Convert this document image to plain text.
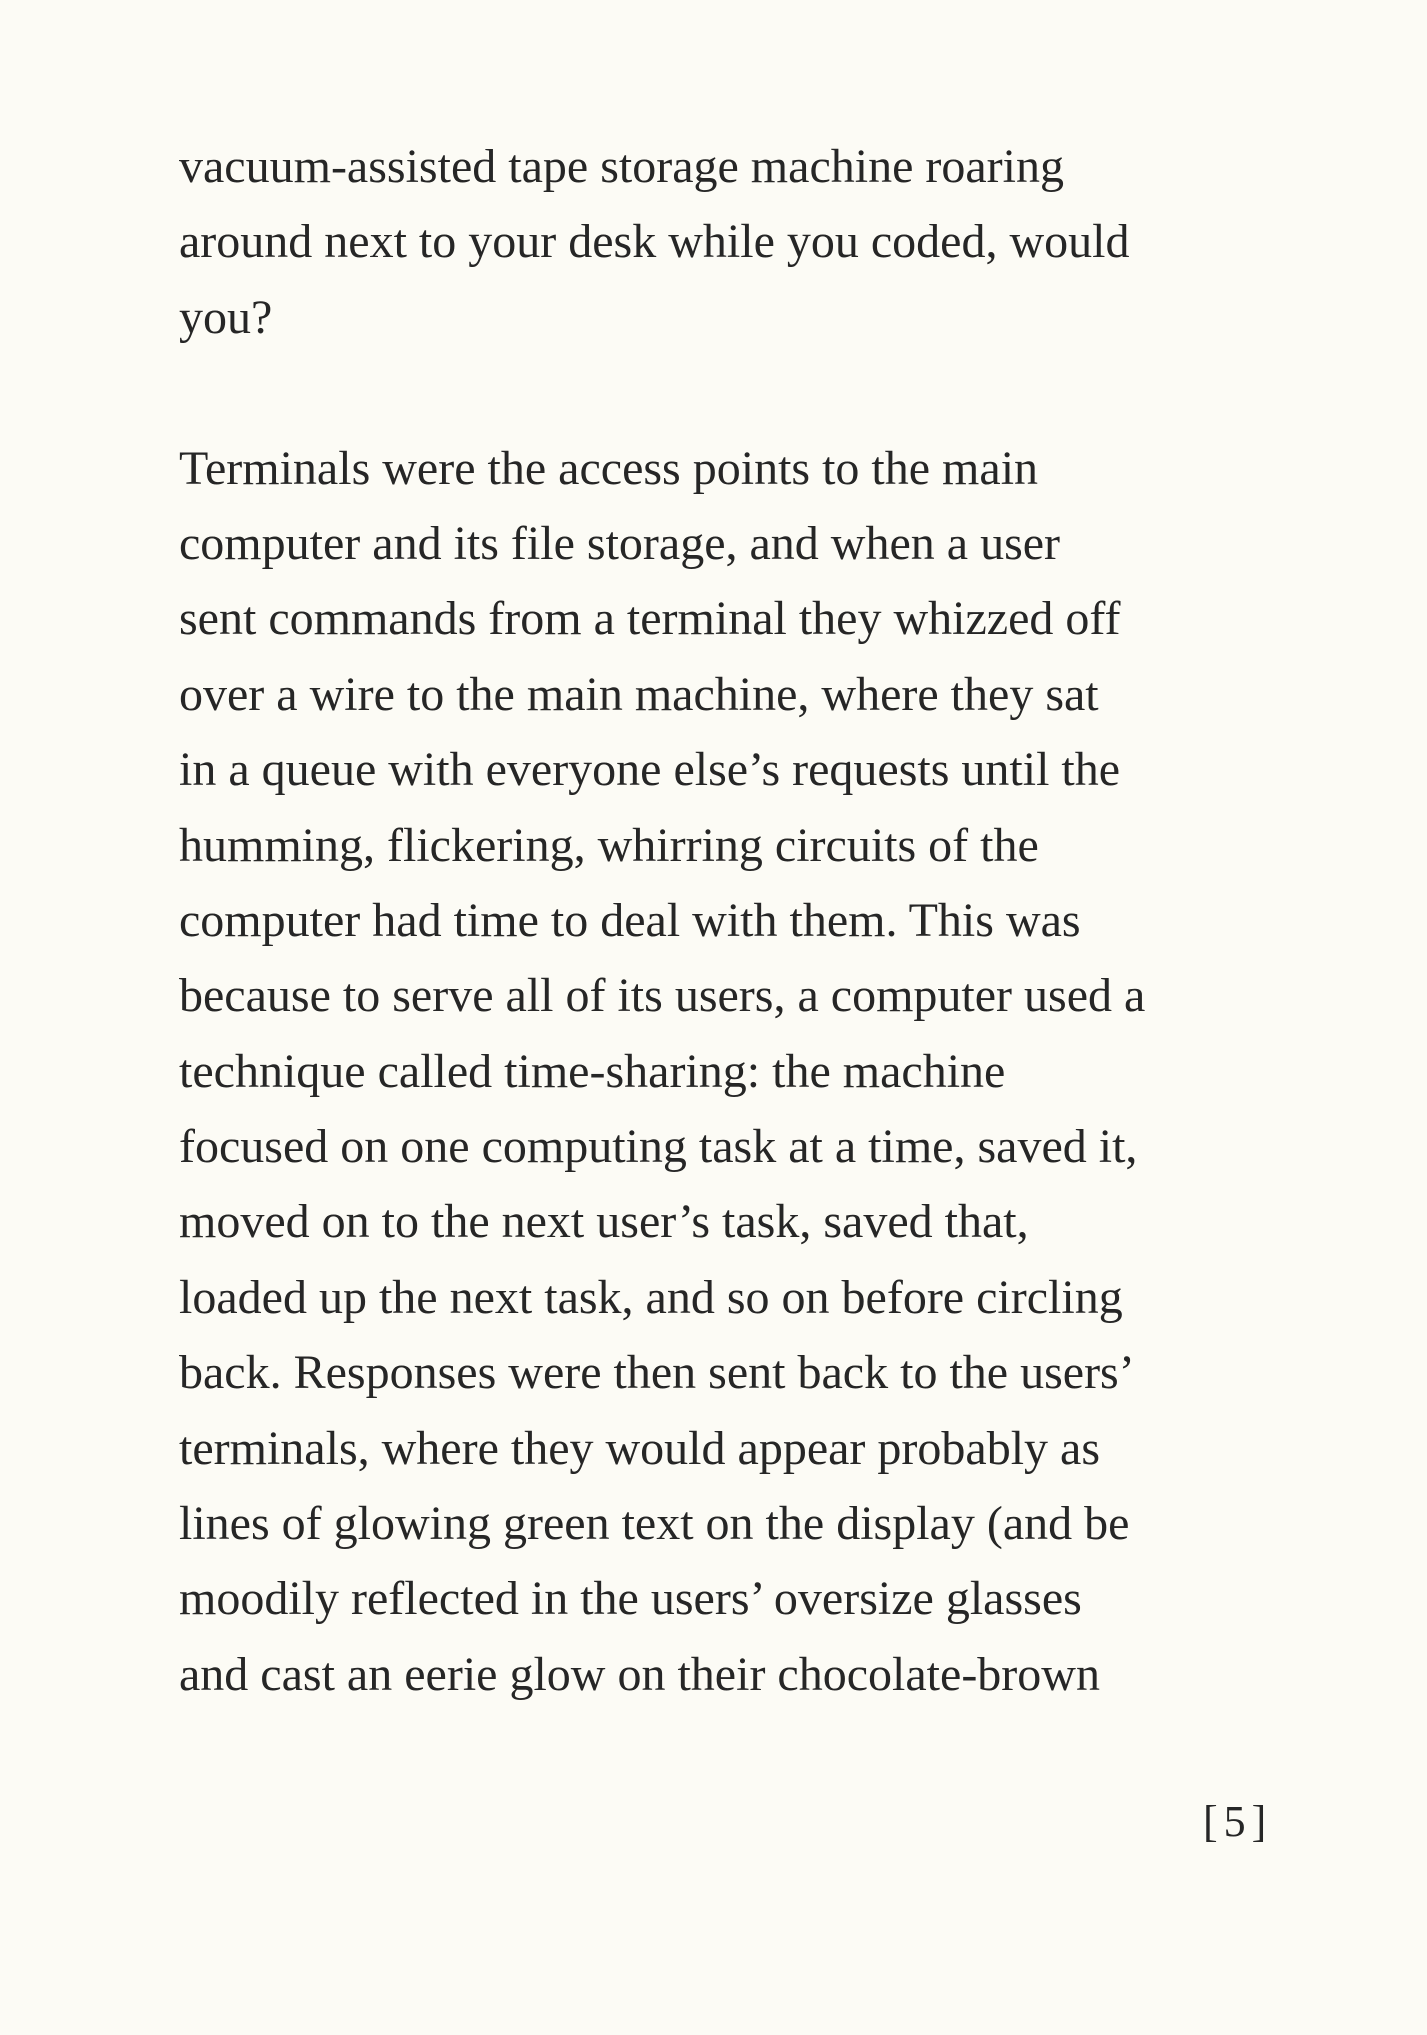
vacuum-assisted tape storage machine roaring
around next to your desk while you coded, would
you?
Terminals were the access points to the main
computer and its file storage, and when a user
sent commands from a terminal they whizzed off
over a wire to the main machine, where they sat
in a queue with everyone else’s requests until the
humming, flickering, whirring circuits of the
computer had time to deal with them. This was
because to serve all of its users, a computer used a
technique called time-sharing: the machine
focused on one computing task at a time, saved it,
moved on to the next user’s task, saved that,
loaded up the next task, and so on before circling
back. Responses were then sent back to the users’
terminals, where they would appear probably as
lines of glowing green text on the display (and be
moodily reflected in the users’ oversize glasses
and cast an eerie glow on their chocolate-brown
[5]
